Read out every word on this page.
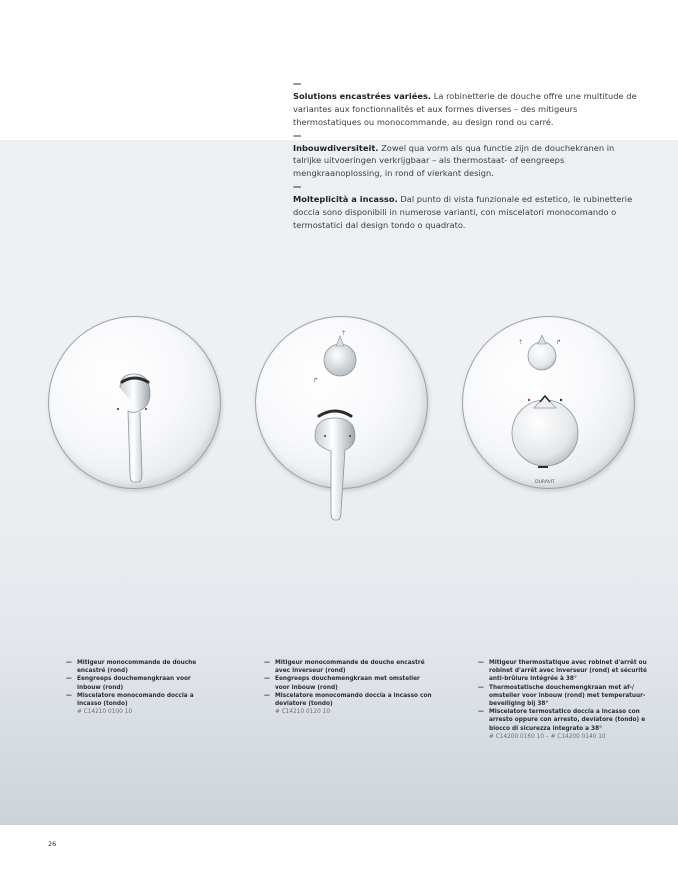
—

Solutions encastrées variées. La robinetterie de douche offre une multitude de variantes aux fonctionnalités et aux formes diverses – des mitigeurs thermostatiques ou monocommande, au design rond ou carré.

—

Inbouwdiversiteit. Zowel qua vorm als qua functie zijn de douchekranen in talrijke uitvoeringen verkrijgbaar – als thermostaat- of eengreeps mengkraanoplossing, in rond of vierkant design.

—

Molteplicità a incasso. Dal punto di vista funzionale ed estetico, le rubinetterie doccia sono disponibili in numerose varianti, con miscelatori monocomando o termostatici dal design tondo o quadrato.

⇡
↱
⇡	↱
DURAVIT
— Mitigeur monocommande de douche encastré (rond)
— Eengreeps douchemengkraan voor inbouw (rond)
— Miscelatore monocomando doccia a incasso (tondo)
# C14210 0100 10
— Mitigeur monocommande de douche encastré avec inverseur (rond)
— Eengreeps douchemengkraan met omsteller voor inbouw (rond)
— Miscelatore monocomando doccia a incasso con deviatore (tondo)
# C14210 0120 10
— Mitigeur thermostatique avec robinet d'arrêt ou robinet d'arrêt avec inverseur (rond) et sécurité anti-brûlure intégrée à 38°
— Thermostatische douchemengkraan met af-/ omsteller voor inbouw (rond) met temperatuur-beveiliging bij 38°
— Miscelatore termostatico doccia a incasso con arresto oppure con arresto, deviatore (tondo) e blocco di sicurezza integrato a 38°
# C14200 0160 10 – # C14200 0140 10
26
